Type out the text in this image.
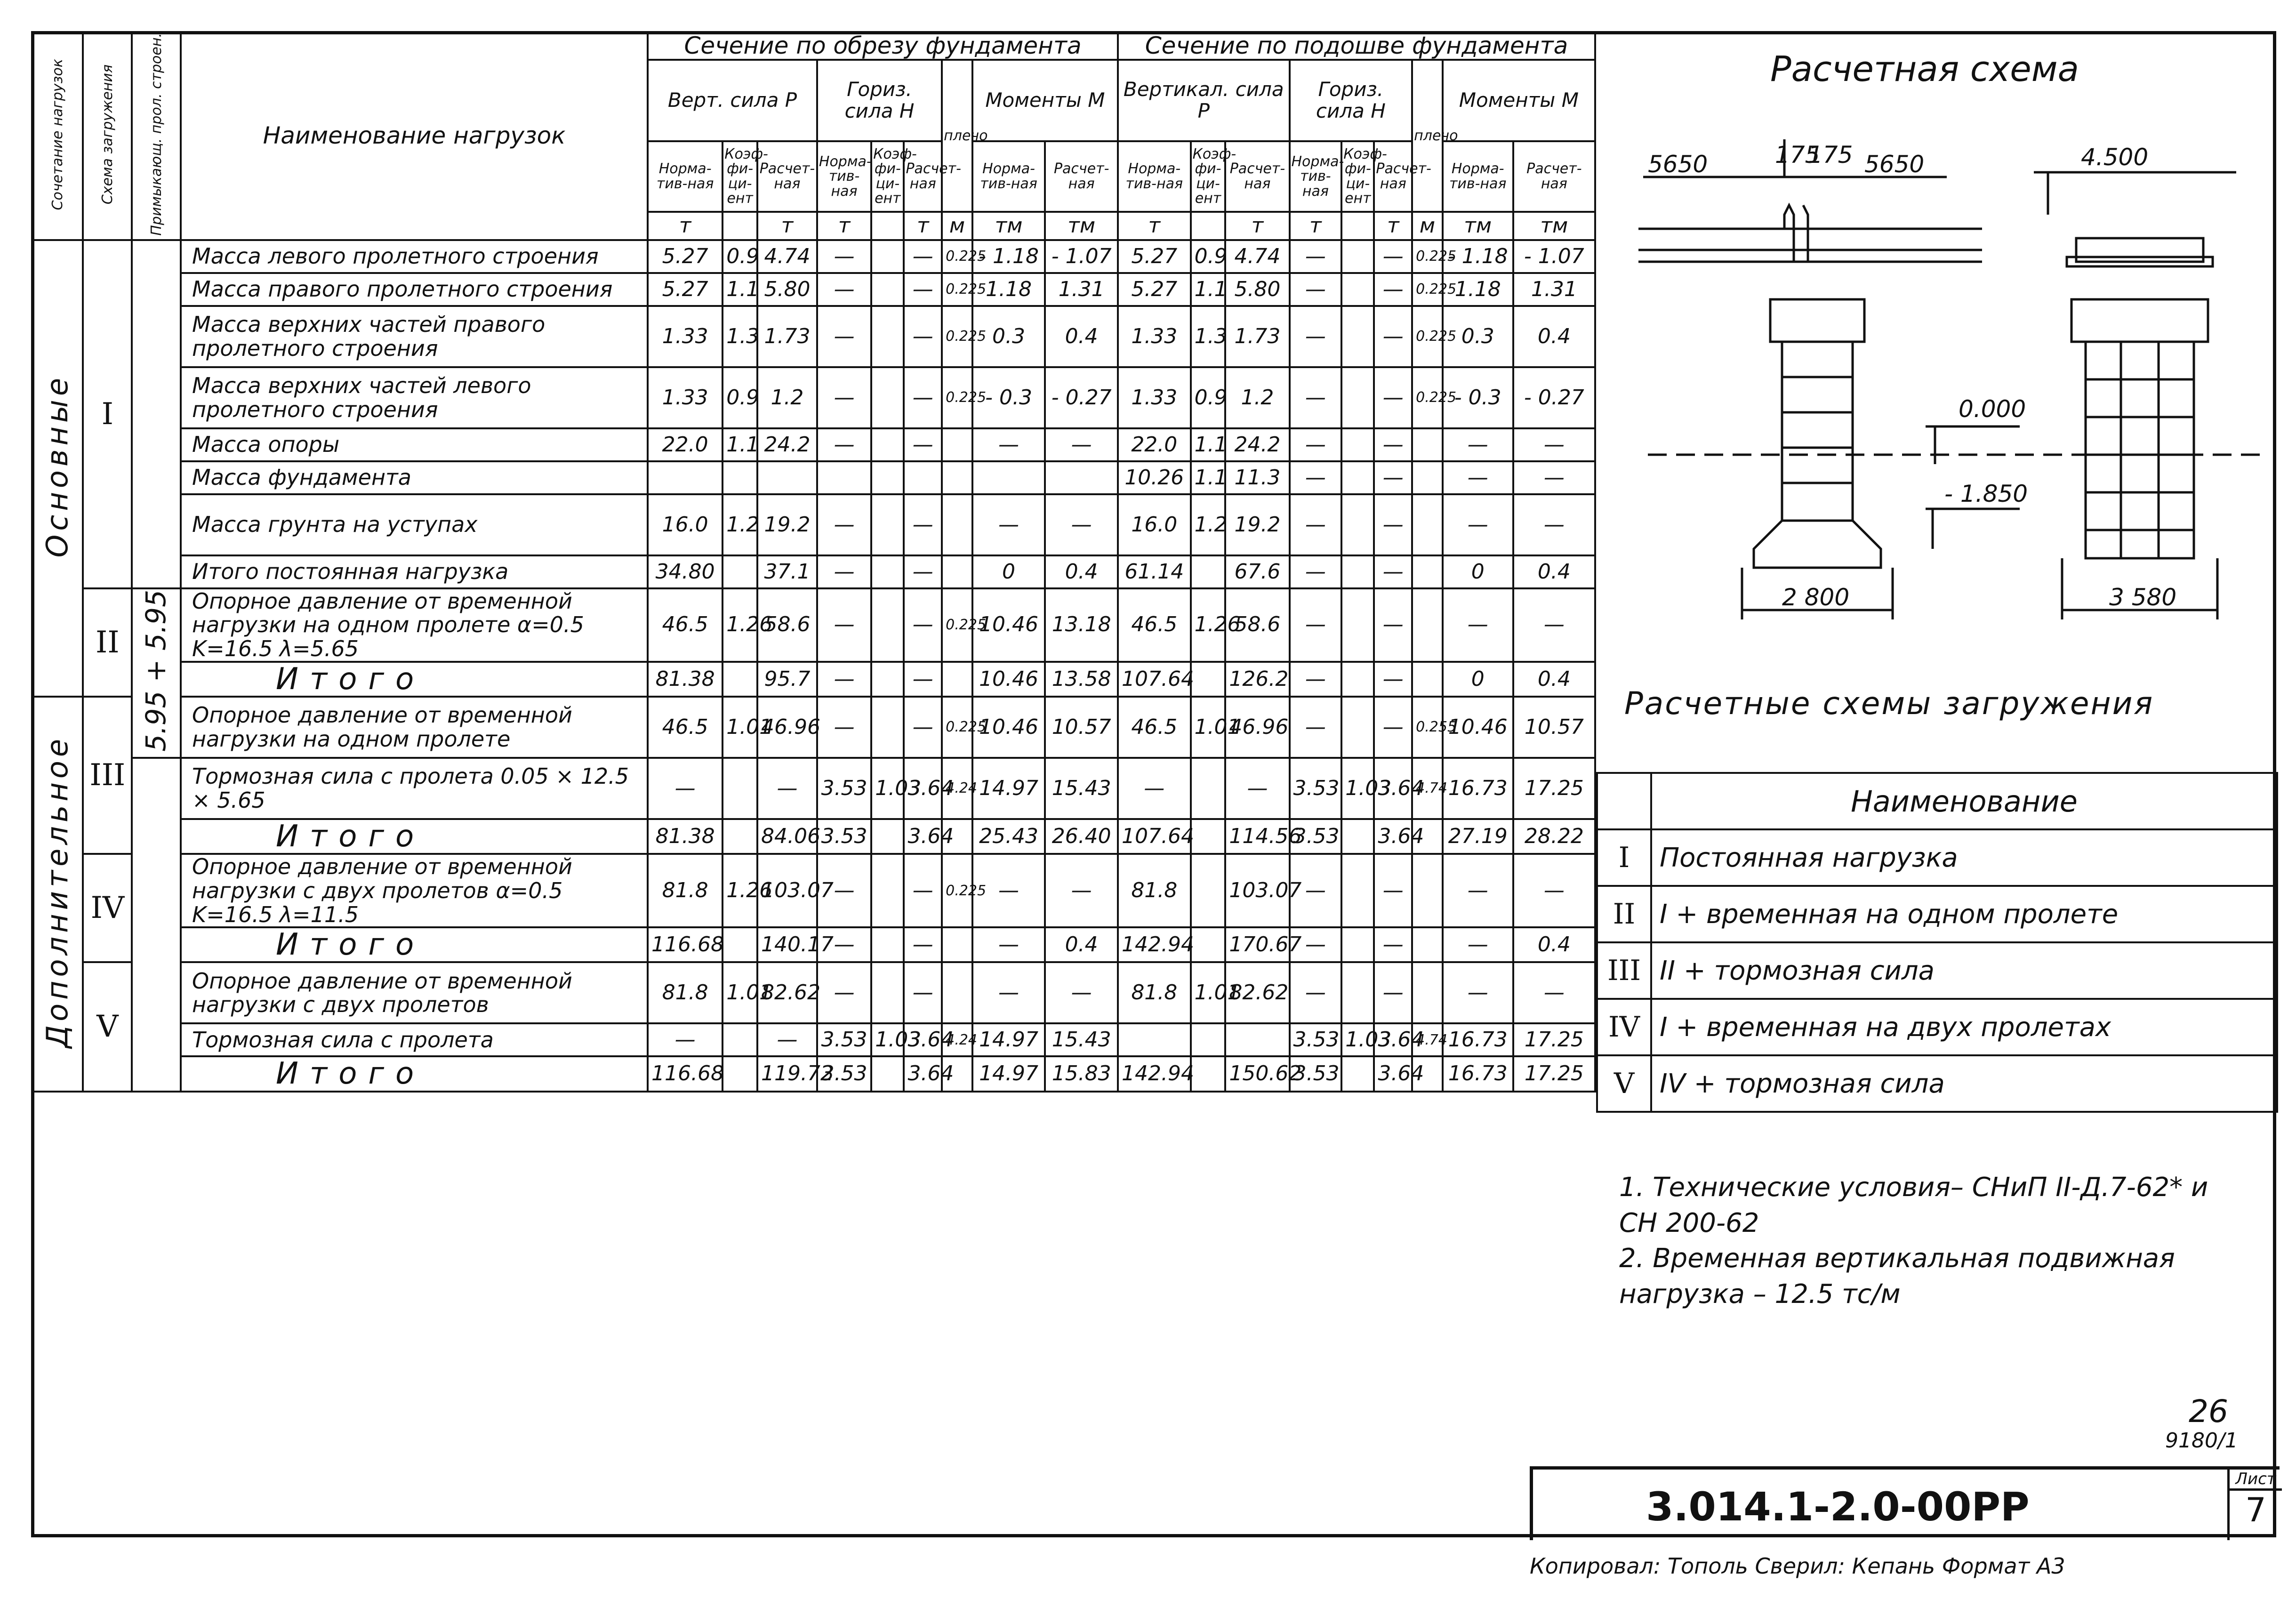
Сочетание нагрузок	Схема загружения	Примыкающ. прол. строен.	Наименование нагрузок	Сечение по обрезу фундамента									Сечение по подошве фундамента								
				Верт. сила P			Гориз. сила H			плечо	Моменты M		Вертикал. сила P			Гориз. сила H			плечо	Моменты M	
				Норма-тив-ная	Коэф-фи-ци-ент	Расчет-ная	Норма-тив-ная	Коэф-фи-ци-ент	Расчет-ная		Норма-тив-ная	Расчет-ная	Норма-тив-ная	Коэф-фи-ци-ент	Расчет-ная	Норма-тив-ная	Коэф-фи-ци-ент	Расчет-ная		Норма-тив-ная	Расчет-ная
				т		т	т		т	м	тм	тм	т		т	т		т	м	тм	тм
Основные	I		Масса левого пролетного строения	5.27	0.9	4.74	—		—	0.225	- 1.18	- 1.07	5.27	0.9	4.74	—		—	0.225	- 1.18	- 1.07
			Масса правого пролетного строения	5.27	1.1	5.80	—		—	0.225	1.18	1.31	5.27	1.1	5.80	—		—	0.225	1.18	1.31
			Масса верхних частей правого пролетного строения	1.33	1.3	1.73	—		—	0.225	0.3	0.4	1.33	1.3	1.73	—		—	0.225	0.3	0.4
			Масса верхних частей левого пролетного строения	1.33	0.9	1.2	—		—	0.225	- 0.3	- 0.27	1.33	0.9	1.2	—		—	0.225	- 0.3	- 0.27
			Масса опоры	22.0	1.1	24.2	—		—		—	—	22.0	1.1	24.2	—		—		—	—
			Масса фундамента										10.26	1.1	11.3	—		—		—	—
			Масса грунта на уступах	16.0	1.2	19.2	—		—		—	—	16.0	1.2	19.2	—		—		—	—
			Итого постоянная нагрузка	34.80		37.1	—		—		0	0.4	61.14		67.6	—		—		0	0.4
	II	5.95 + 5.95	Опорное давление от временной нагрузки на одном пролете α=0.5 K=16.5 λ=5.65	46.5	1.26	58.6	—		—	0.225	10.46	13.18	46.5	1.26	58.6	—		—		—	—
			Итого	81.38		95.7	—		—		10.46	13.58	107.64		126.2	—		—		0	0.4
Дополнительное	III		Опорное давление от временной нагрузки на одном пролете	46.5	1.01	46.96	—		—	0.225	10.46	10.57	46.5	1.01	46.96	—		—	0.255	10.46	10.57
			Тормозная сила с пролета 0.05 × 12.5 × 5.65	—		—	3.53	1.03	3.64	4.24	14.97	15.43	—		—	3.53	1.03	3.64	4.74	16.73	17.25
			Итого	81.38		84.06	3.53		3.64		25.43	26.40	107.64		114.56	3.53		3.64		27.19	28.22
	IV		Опорное давление от временной нагрузки с двух пролетов α=0.5 K=16.5 λ=11.5	81.8	1.26	103.07	—		—	0.225	—	—	81.8		103.07	—		—		—	—
			Итого	116.68		140.17	—		—		—	0.4	142.94		170.67	—		—		—	0.4
	V		Опорное давление от временной нагрузки с двух пролетов	81.8	1.01	82.62	—		—		—	—	81.8	1.01	82.62	—		—		—	—
			Тормозная сила с пролета	—		—	3.53	1.03	3.64	4.24	14.97	15.43				3.53	1.03	3.64	4.74	16.73	17.25
			Итого	116.68		119.72	3.53		3.64		14.97	15.83	142.94		150.62	3.53		3.64		16.73	17.25
Расчетная схема
5650	175
175 5650	4.500
0.000
- 1.850
2 800	3 580
Расчетные схемы загружения
	Наименование
I	Постоянная нагрузка
II	I + временная на одном пролете
III	II + тормозная сила
IV	I + временная на двух пролетах
V	IV + тормозная сила
1. Технические условия– СНиП II-Д.7-62* и СН 200-62
2. Временная вертикальная подвижная нагрузка – 12.5 тс/м
26
9180/1
3.014.1-2.0-00PP
Лист
7
Копировал: Тополь Сверил: Кепань Формат А3
